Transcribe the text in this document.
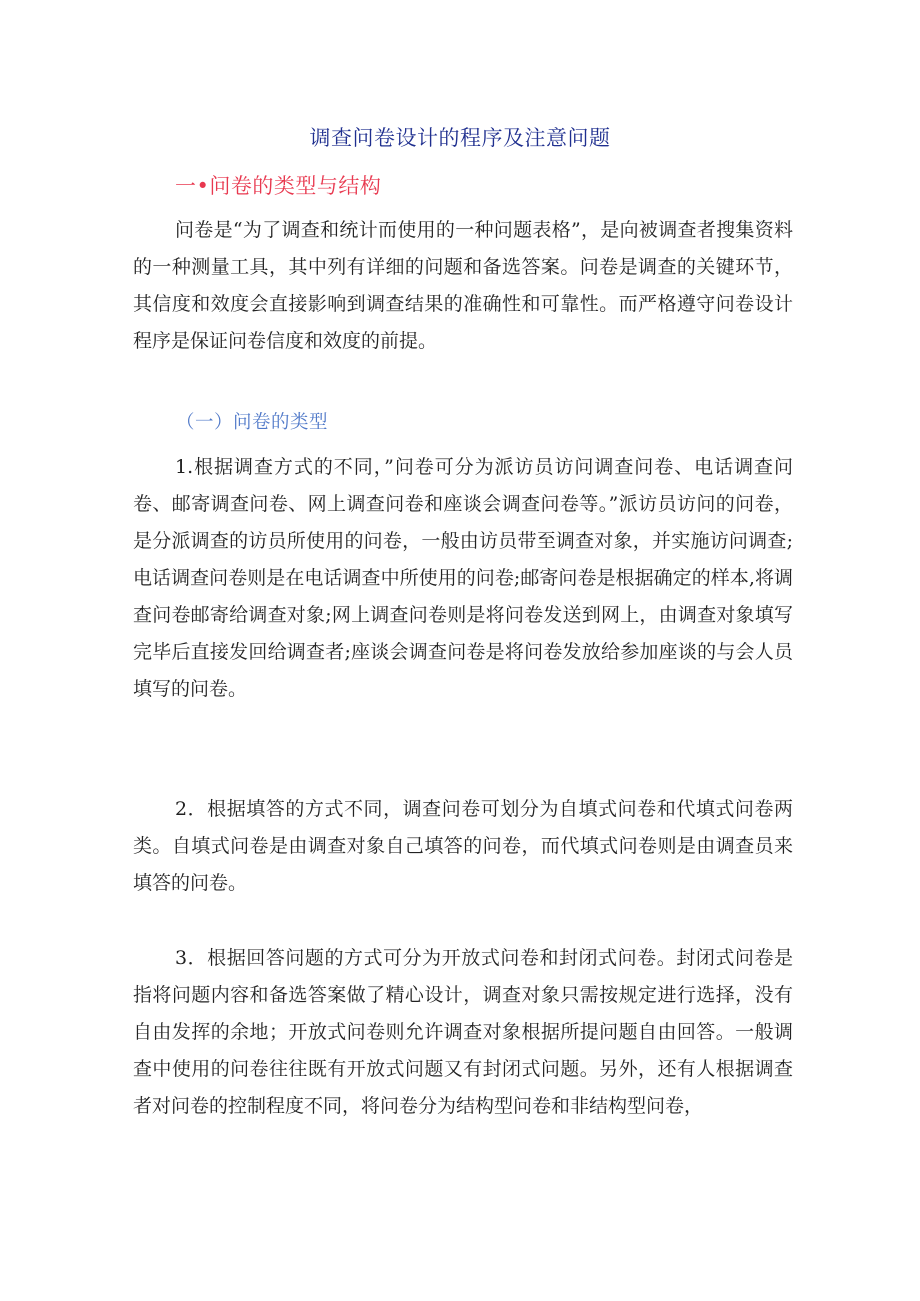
调查问卷设计的程序及注意问题
一•问卷的类型与结构

问卷是“为了调查和统计而使用的一种问题表格”，是向被调查者搜集资料的一种测量工具，其中列有详细的问题和备选答案。问卷是调查的关键环节，其信度和效度会直接影响到调查结果的准确性和可靠性。而严格遵守问卷设计程序是保证问卷信度和效度的前提。

（一）问卷的类型

1.根据调查方式的不同，”问卷可分为派访员访问调查问卷、电话调查问卷、邮寄调查问卷、网上调查问卷和座谈会调查问卷等。”派访员访问的问卷，是分派调查的访员所使用的问卷，一般由访员带至调查对象，并实施访问调查;电话调查问卷则是在电话调查中所使用的问卷;邮寄问卷是根据确定的样本,将调查问卷邮寄给调查对象;网上调查问卷则是将问卷发送到网上，由调查对象填写完毕后直接发回给调查者;座谈会调查问卷是将问卷发放给参加座谈的与会人员填写的问卷。

2．根据填答的方式不同，调查问卷可划分为自填式问卷和代填式问卷两类。自填式问卷是由调查对象自己填答的问卷，而代填式问卷则是由调查员来填答的问卷。

3．根据回答问题的方式可分为开放式问卷和封闭式问卷。封闭式问卷是指将问题内容和备选答案做了精心设计，调查对象只需按规定进行选择，没有自由发挥的余地；开放式问卷则允许调查对象根据所提问题自由回答。一般调查中使用的问卷往往既有开放式问题又有封闭式问题。另外，还有人根据调查者对问卷的控制程度不同，将问卷分为结构型问卷和非结构型问卷，
